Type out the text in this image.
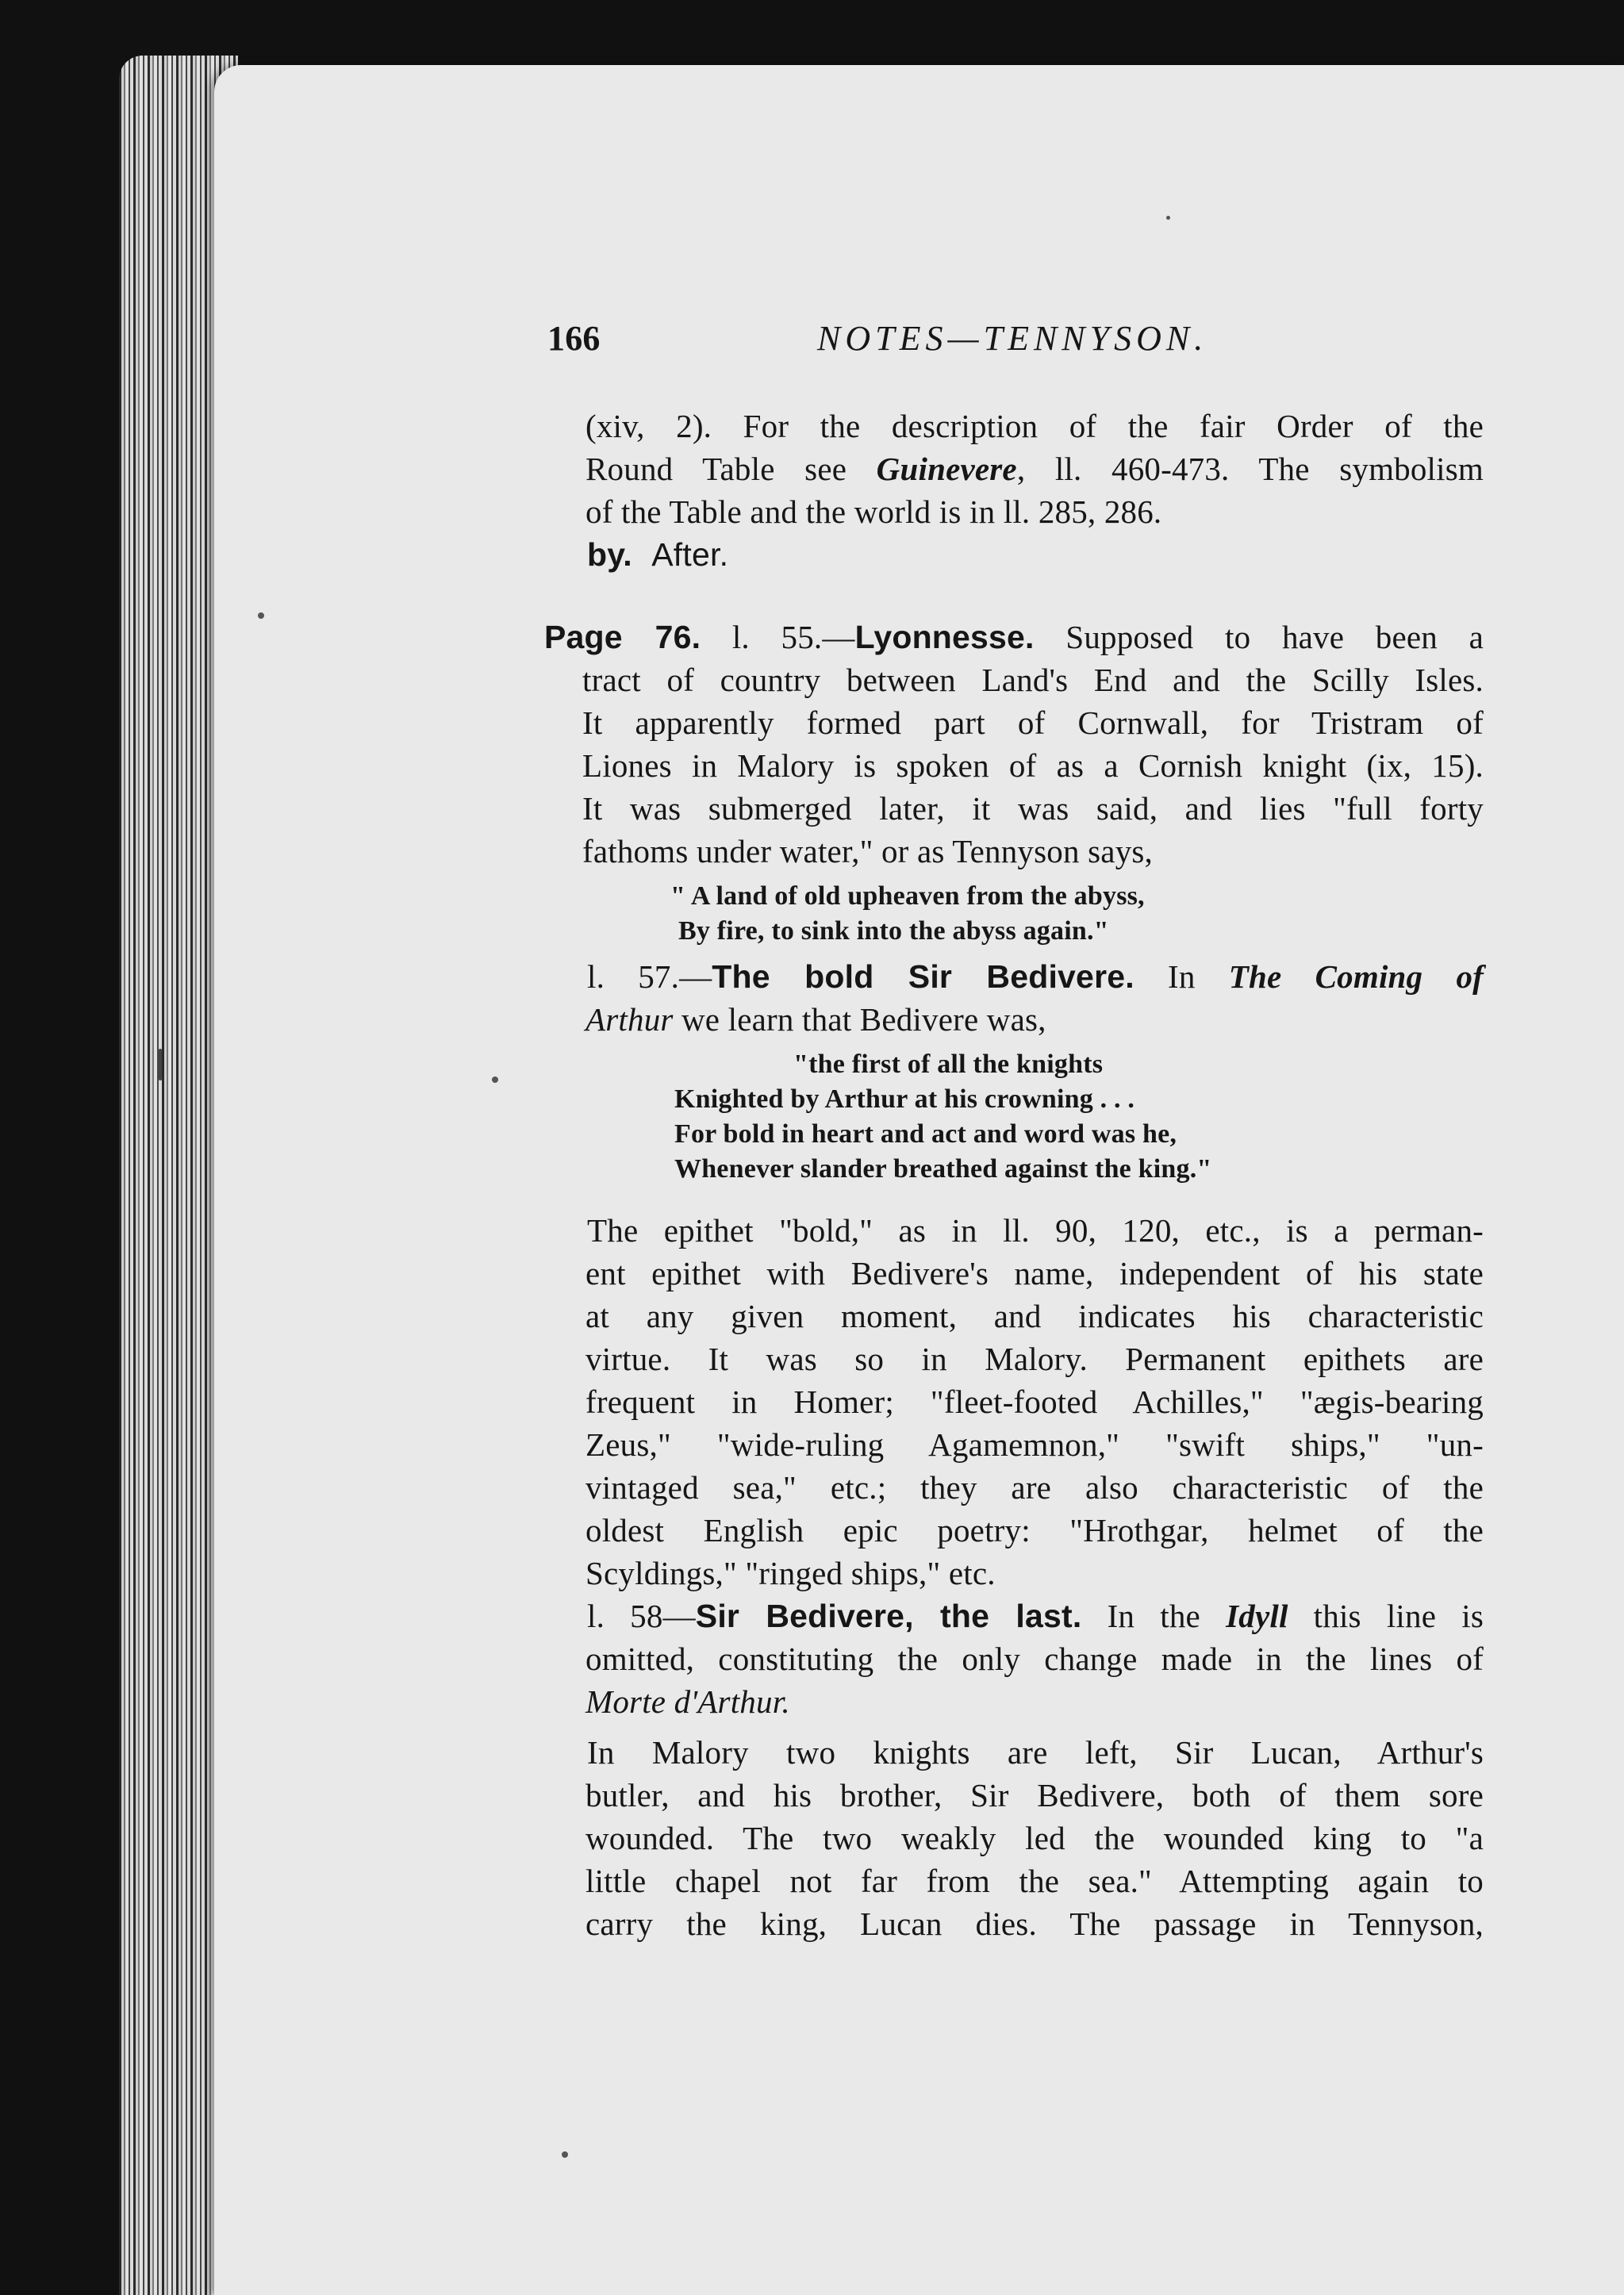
166	NOTES—TENNYSON.
(xiv, 2). For the description of the fair Order of the
Round Table see Guinevere, ll. 460-473. The symbolism
of the Table and the world is in ll. 285, 286.
by. After.
Page 76. l. 55.—Lyonnesse. Supposed to have been a
tract of country between Land's End and the Scilly Isles.
It apparently formed part of Cornwall, for Tristram of
Liones in Malory is spoken of as a Cornish knight (ix, 15).
It was submerged later, it was said, and lies "full forty
fathoms under water," or as Tennyson says,
" A land of old upheaven from the abyss,
By fire, to sink into the abyss again."
l. 57.—The bold Sir Bedivere. In The Coming of
Arthur we learn that Bedivere was,
"the first of all the knights
Knighted by Arthur at his crowning . . .
For bold in heart and act and word was he,
Whenever slander breathed against the king."
The epithet "bold," as in ll. 90, 120, etc., is a perman-
ent epithet with Bedivere's name, independent of his state
at any given moment, and indicates his characteristic
virtue. It was so in Malory. Permanent epithets are
frequent in Homer; "fleet-footed Achilles," "ægis-bearing
Zeus," "wide-ruling Agamemnon," "swift ships," "un-
vintaged sea," etc.; they are also characteristic of the
oldest English epic poetry: "Hrothgar, helmet of the
Scyldings," "ringed ships," etc.
l. 58—Sir Bedivere, the last. In the Idyll this line is
omitted, constituting the only change made in the lines of
Morte d'Arthur.
In Malory two knights are left, Sir Lucan, Arthur's
butler, and his brother, Sir Bedivere, both of them sore
wounded. The two weakly led the wounded king to "a
little chapel not far from the sea." Attempting again to
carry the king, Lucan dies. The passage in Tennyson,
